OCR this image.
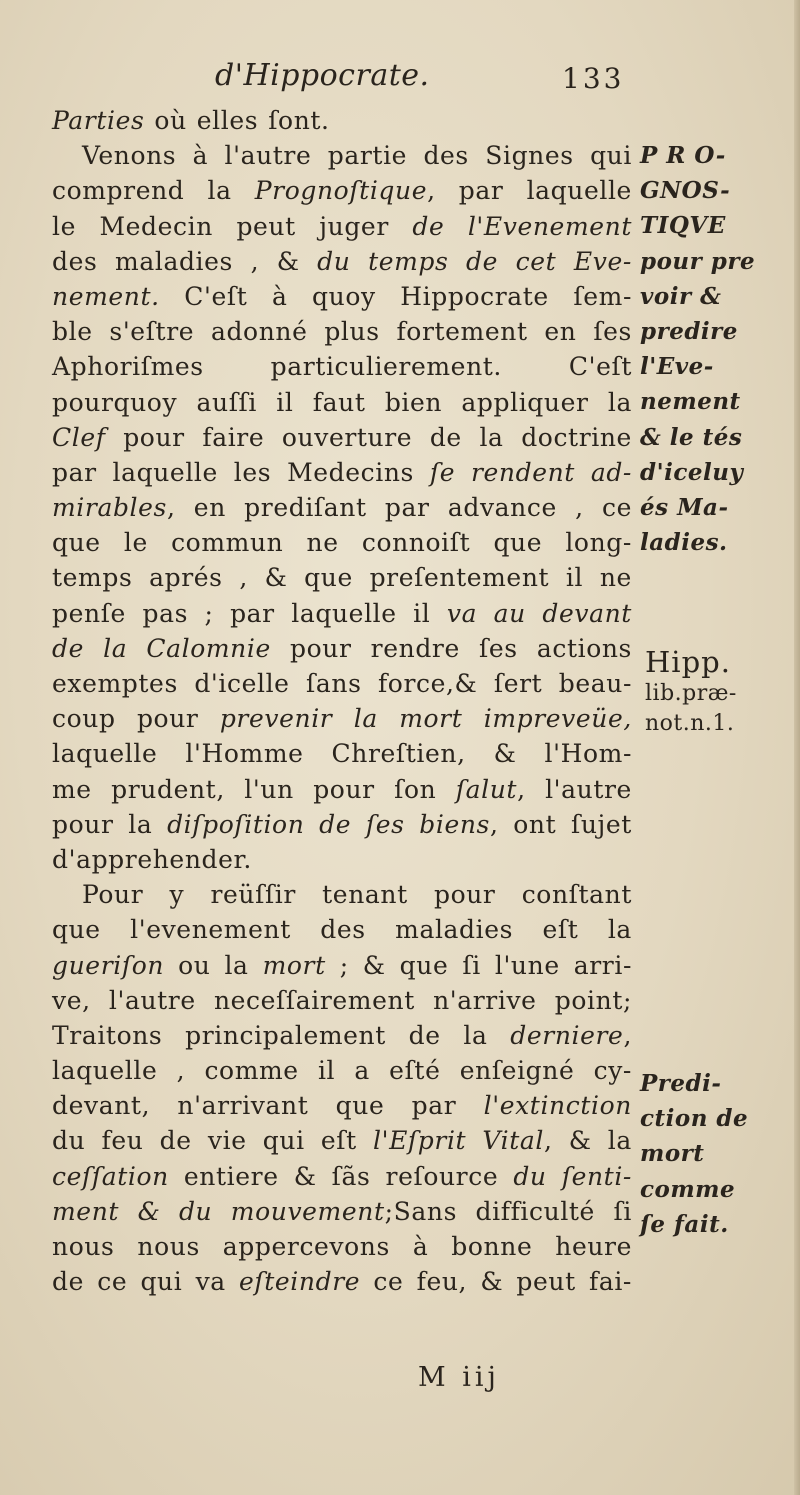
d'Hippocrate.	133
Parties où elles ſont.
Venons à l'autre partie des Signes qui
comprend la Prognoſtique, par laquelle
le Medecin peut juger de l'Evenement
des maladies , & du temps de cet Eve-
nement. C'eſt à quoy Hippocrate ſem-
ble s'eſtre adonné plus fortement en ſes
Aphoriſmes	particulierement.	C'eſt
pourquoy auſſi il faut bien appliquer la
Clef pour faire ouverture de la doctrine
par laquelle les Medecins ſe rendent ad-
mirables, en prediſant par advance , ce
que le commun ne connoiſt que long-
temps aprés , & que preſentement il ne
penſe pas ; par laquelle il va au devant
de la Calomnie pour rendre ſes actions
exemptes d'icelle ſans force,& ſert beau-
coup pour prevenir la mort impreveüe,
laquelle l'Homme Chreſtien, & l'Hom-
me prudent, l'un pour ſon ſalut, l'autre
pour la diſpoſition de ſes biens, ont ſujet
d'apprehender.
Pour y reüſſir tenant pour conſtant
que l'evenement des maladies eſt la
gueriſon ou la mort ; & que ſi l'une arri-
ve, l'autre neceſſairement n'arrive point;
Traitons principalement de la derniere,
laquelle , comme il a eſté enſeigné cy-
devant, n'arrivant que par l'extinction
du feu de vie qui eſt l'Eſprit Vital, & la
ceſſation entiere & ſãs reſource du ſenti-
ment & du mouvement;Sans difficulté ſi
nous nous appercevons à bonne heure
de ce qui va eſteindre ce feu, & peut fai-
P R O-
GNOS-
TIQVE
pour pre
voir &
predire
l'Eve-
nement
& le tés
d'iceluy
és Ma-
ladies.
Hipp.
lib.præ-
not.n.1.
Predi-
ction de
mort
comme
ſe fait.
M iij
